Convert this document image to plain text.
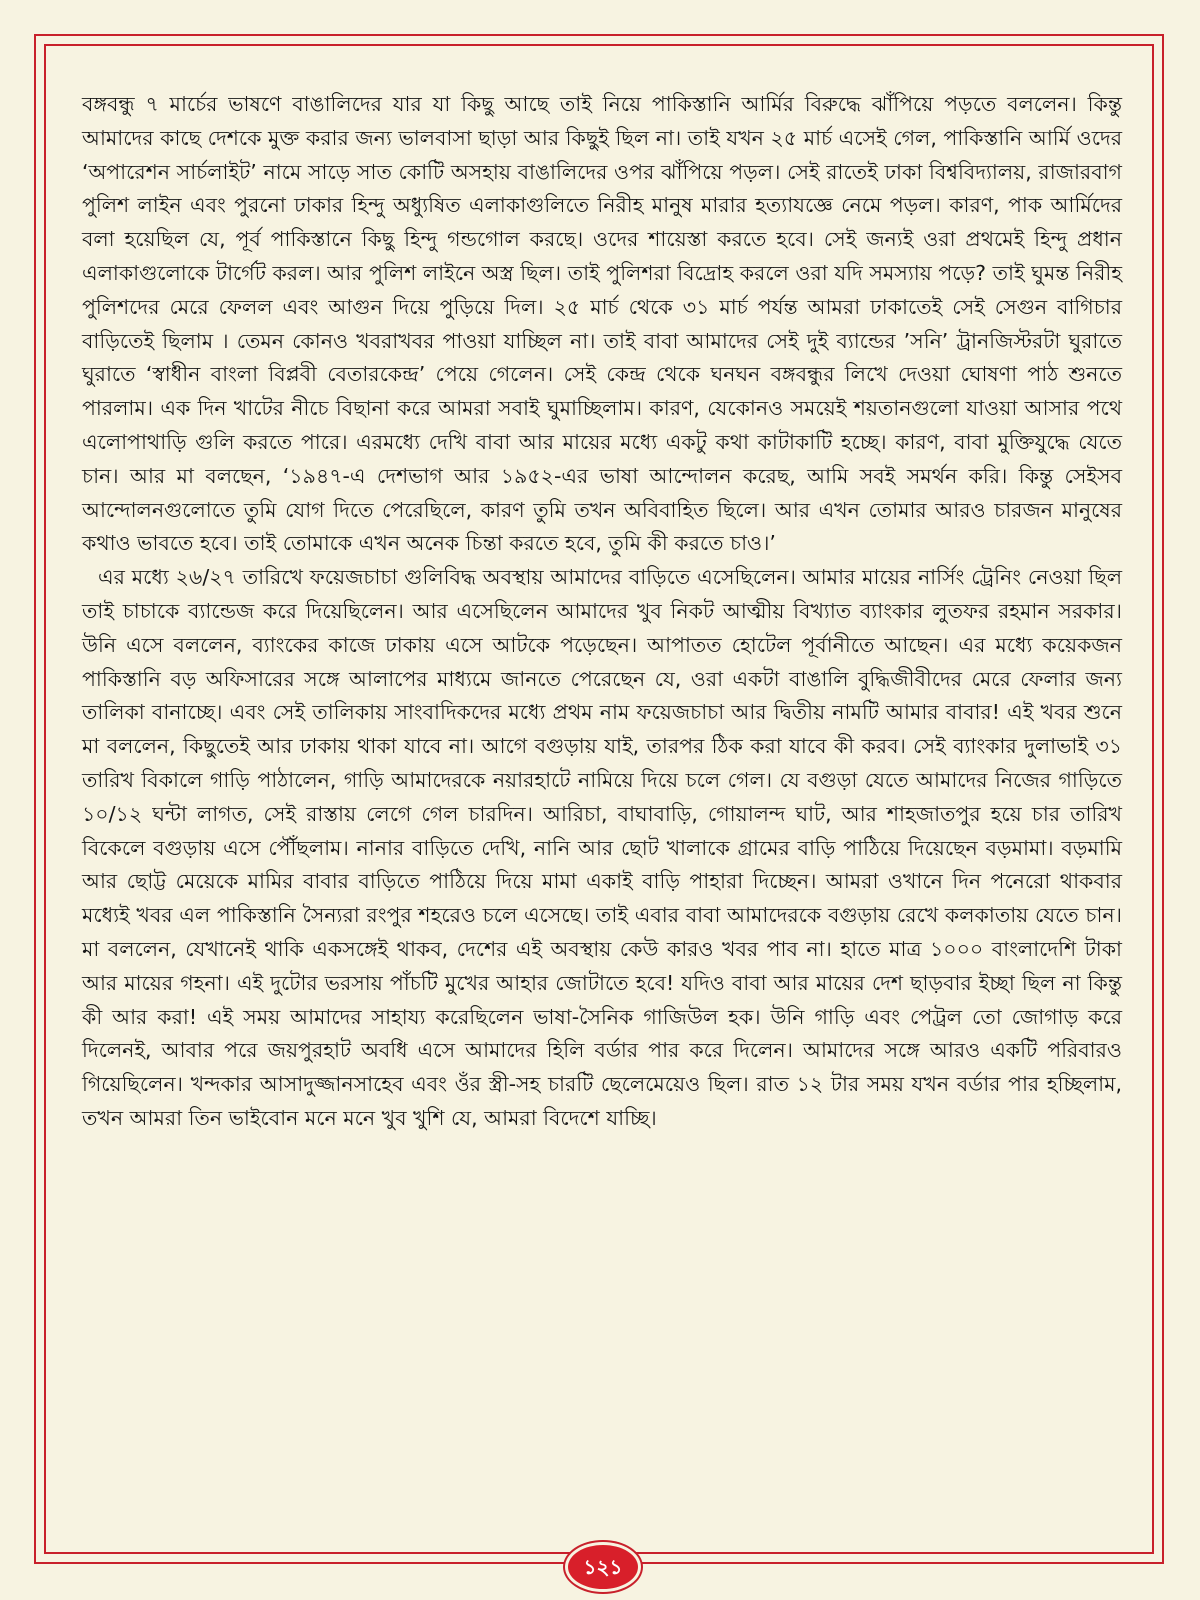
বঙ্গবন্ধু ৭ মার্চের ভাষণে বাঙালিদের যার যা কিছু আছে তাই নিয়ে পাকিস্তানি আর্মির বিরুদ্ধে ঝাঁপিয়ে পড়তে বললেন। কিন্তু আমাদের কাছে দেশকে মুক্ত করার জন্য ভালবাসা ছাড়া আর কিছুই ছিল না। তাই যখন ২৫ মার্চ এসেই গেল, পাকিস্তানি আর্মি ওদের ‘অপারেশন সার্চলাইট’ নামে সাড়ে সাত কোটি অসহায় বাঙালিদের ওপর ঝাঁপিয়ে পড়ল। সেই রাতেই ঢাকা বিশ্ববিদ্যালয়, রাজারবাগ পুলিশ লাইন এবং পুরনো ঢাকার হিন্দু অধ্যুষিত এলাকাগুলিতে নিরীহ মানুষ মারার হত্যাযজ্ঞে নেমে পড়ল। কারণ, পাক আর্মিদের বলা হয়েছিল যে, পূর্ব পাকিস্তানে কিছু হিন্দু গন্ডগোল করছে। ওদের শায়েস্তা করতে হবে। সেই জন্যই ওরা প্রথমেই হিন্দু প্রধান এলাকাগুলোকে টার্গেট করল। আর পুলিশ লাইনে অস্ত্র ছিল। তাই পুলিশরা বিদ্রোহ করলে ওরা যদি সমস্যায় পড়ে? তাই ঘুমন্ত নিরীহ পুলিশদের মেরে ফেলল এবং আগুন দিয়ে পুড়িয়ে দিল। ২৫ মার্চ থেকে ৩১ মার্চ পর্যন্ত আমরা ঢাকাতেই সেই সেগুন বাগিচার বাড়িতেই ছিলাম । তেমন কোনও খবরাখবর পাওয়া যাচ্ছিল না। তাই বাবা আমাদের সেই দুই ব্যান্ডের ’সনি’ ট্রানজিস্টরটা ঘুরাতে ঘুরাতে ‘স্বাধীন বাংলা বিপ্লবী বেতারকেন্দ্র’ পেয়ে গেলেন। সেই কেন্দ্র থেকে ঘনঘন বঙ্গবন্ধুর লিখে দেওয়া ঘোষণা পাঠ শুনতে পারলাম। এক দিন খাটের নীচে বিছানা করে আমরা সবাই ঘুমাচ্ছিলাম। কারণ, যেকোনও সময়েই শয়তানগুলো যাওয়া আসার পথে এলোপাথাড়ি গুলি করতে পারে। এরমধ্যে দেখি বাবা আর মায়ের মধ্যে একটু কথা কাটাকাটি হচ্ছে। কারণ, বাবা মুক্তিযুদ্ধে যেতে চান। আর মা বলছেন, ‘১৯৪৭-এ দেশভাগ আর ১৯৫২-এর ভাষা আন্দোলন করেছ, আমি সবই সমর্থন করি। কিন্তু সেইসব আন্দোলনগুলোতে তুমি যোগ দিতে পেরেছিলে, কারণ তুমি তখন অবিবাহিত ছিলে। আর এখন তোমার আরও চারজন মানুষের কথাও ভাবতে হবে। তাই তোমাকে এখন অনেক চিন্তা করতে হবে, তুমি কী করতে চাও।’

এর মধ্যে ২৬/২৭ তারিখে ফয়েজচাচা গুলিবিদ্ধ অবস্থায় আমাদের বাড়িতে এসেছিলেন। আমার মায়ের নার্সিং ট্রেনিং নেওয়া ছিল তাই চাচাকে ব্যান্ডেজ করে দিয়েছিলেন। আর এসেছিলেন আমাদের খুব নিকট আত্মীয় বিখ্যাত ব্যাংকার লুতফর রহমান সরকার। উনি এসে বললেন, ব্যাংকের কাজে ঢাকায় এসে আটকে পড়েছেন। আপাতত হোটেল পূর্বানীতে আছেন। এর মধ্যে কয়েকজন পাকিস্তানি বড় অফিসারের সঙ্গে আলাপের মাধ্যমে জানতে পেরেছেন যে, ওরা একটা বাঙালি বুদ্ধিজীবীদের মেরে ফেলার জন্য তালিকা বানাচ্ছে। এবং সেই তালিকায় সাংবাদিকদের মধ্যে প্রথম নাম ফয়েজচাচা আর দ্বিতীয় নামটি আমার বাবার! এই খবর শুনে মা বললেন, কিছুতেই আর ঢাকায় থাকা যাবে না। আগে বগুড়ায় যাই, তারপর ঠিক করা যাবে কী করব। সেই ব্যাংকার দুলাভাই ৩১ তারিখ বিকালে গাড়ি পাঠালেন, গাড়ি আমাদেরকে নয়ারহাটে নামিয়ে দিয়ে চলে গেল। যে বগুড়া যেতে আমাদের নিজের গাড়িতে ১০/১২ ঘন্টা লাগত, সেই রাস্তায় লেগে গেল চারদিন। আরিচা, বাঘাবাড়ি, গোয়ালন্দ ঘাট, আর শাহজাতপুর হয়ে চার তারিখ বিকেলে বগুড়ায় এসে পৌঁছলাম। নানার বাড়িতে দেখি, নানি আর ছোট খালাকে গ্রামের বাড়ি পাঠিয়ে দিয়েছেন বড়মামা। বড়মামি আর ছোট্ট মেয়েকে মামির বাবার বাড়িতে পাঠিয়ে দিয়ে মামা একাই বাড়ি পাহারা দিচ্ছেন। আমরা ওখানে দিন পনেরো থাকবার মধ্যেই খবর এল পাকিস্তানি সৈন্যরা রংপুর শহরেও চলে এসেছে। তাই এবার বাবা আমাদেরকে বগুড়ায় রেখে কলকাতায় যেতে চান। মা বললেন, যেখানেই থাকি একসঙ্গেই থাকব, দেশের এই অবস্থায় কেউ কারও খবর পাব না। হাতে মাত্র ১০০০ বাংলাদেশি টাকা আর মায়ের গহনা। এই দুটোর ভরসায় পাঁচটি মুখের আহার জোটাতে হবে! যদিও বাবা আর মায়ের দেশ ছাড়বার ইচ্ছা ছিল না কিন্তু কী আর করা! এই সময় আমাদের সাহায্য করেছিলেন ভাষা-সৈনিক গাজিউল হক। উনি গাড়ি এবং পেট্রল তো জোগাড় করে দিলেনই, আবার পরে জয়পুরহাট অবধি এসে আমাদের হিলি বর্ডার পার করে দিলেন। আমাদের সঙ্গে আরও একটি পরিবারও গিয়েছিলেন। খন্দকার আসাদুজ্জানসাহেব এবং ওঁর স্ত্রী-সহ চারটি ছেলেমেয়েও ছিল। রাত ১২ টার সময় যখন বর্ডার পার হচ্ছিলাম, তখন আমরা তিন ভাইবোন মনে মনে খুব খুশি যে, আমরা বিদেশে যাচ্ছি।

১২১
